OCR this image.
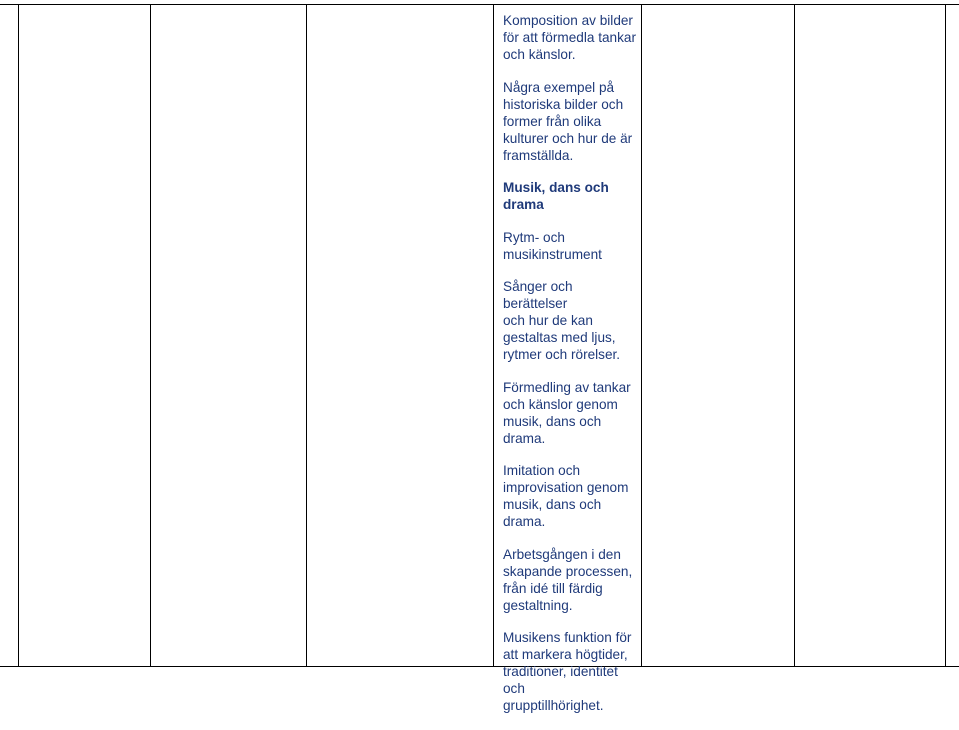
Komposition av bilder
för att förmedla tankar
och känslor.

Några exempel på
historiska bilder och
former från olika
kulturer och hur de är
framställda.

Musik, dans och
drama

Rytm- och
musikinstrument

Sånger och berättelser
och hur de kan
gestaltas med ljus,
rytmer och rörelser.

Förmedling av tankar
och känslor genom
musik, dans och drama.

Imitation och
improvisation genom
musik, dans och drama.

Arbetsgången i den
skapande processen,
från idé till färdig
gestaltning.

Musikens funktion för
att markera högtider,
traditioner, identitet och
grupptillhörighet.
